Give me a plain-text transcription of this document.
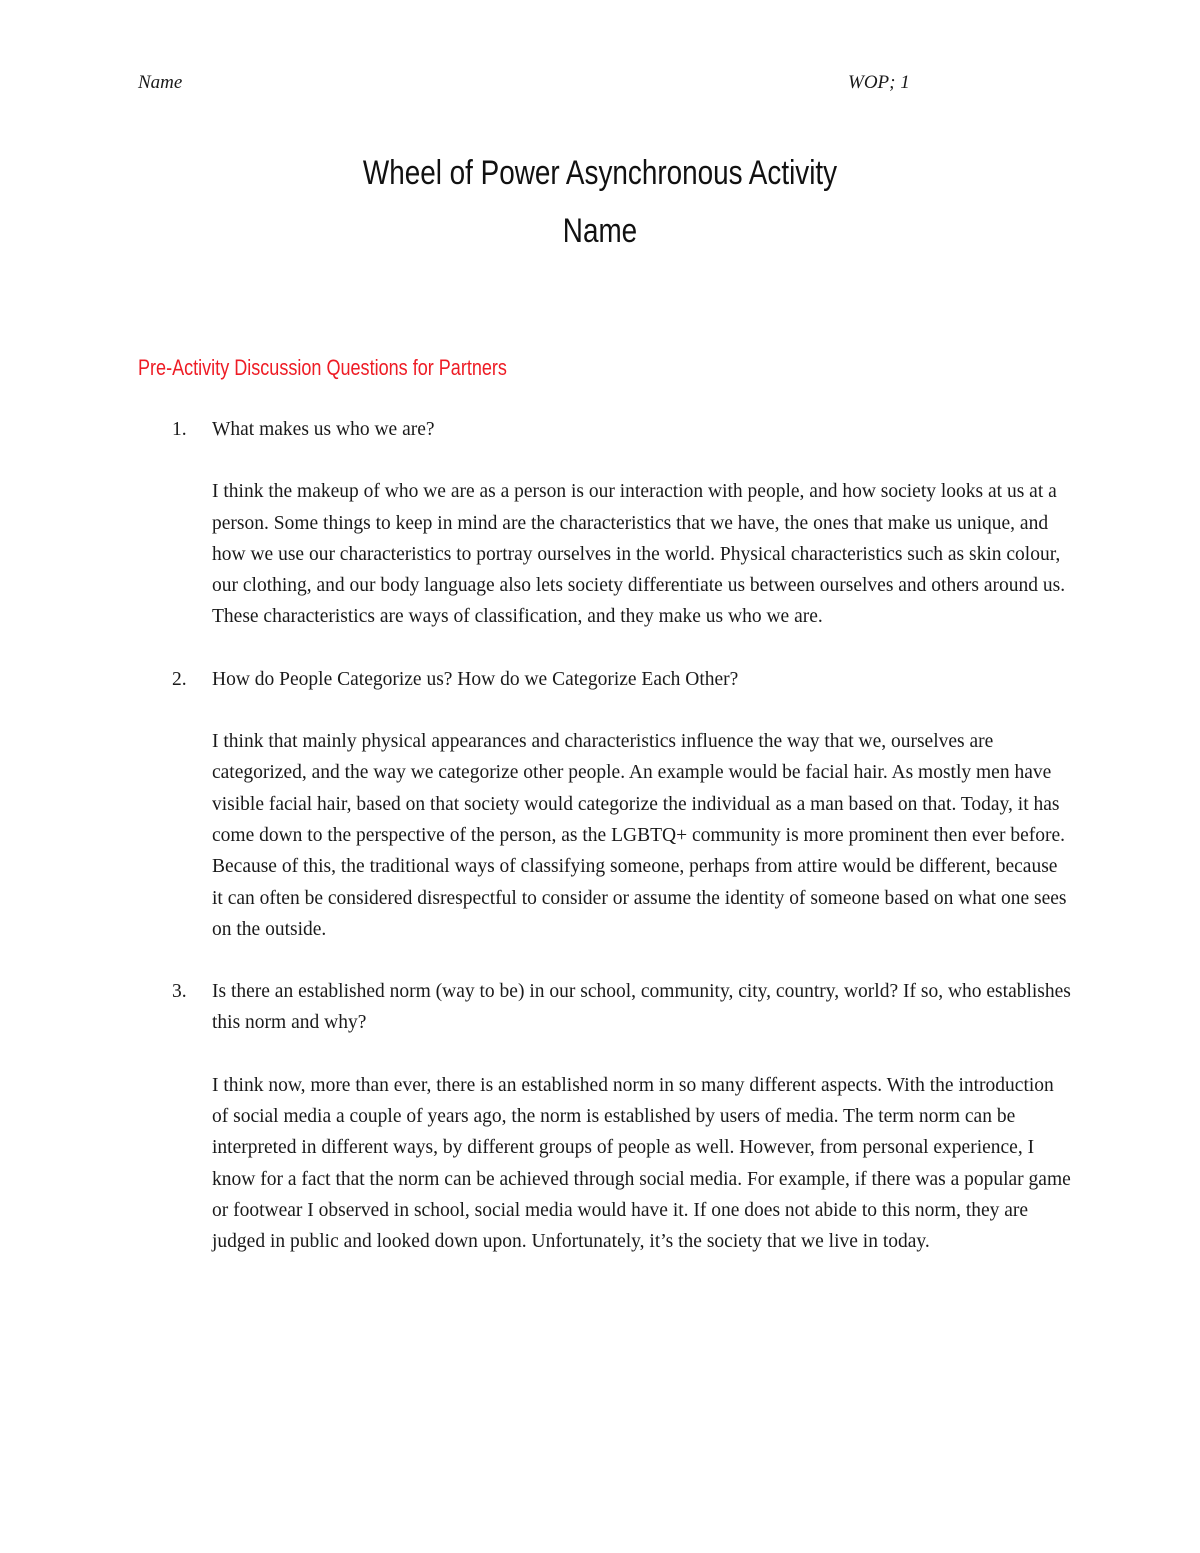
Name	WOP; 1
Wheel of Power Asynchronous Activity
Name
Pre-Activity Discussion Questions for Partners
1. What makes us who we are?

I think the makeup of who we are as a person is our interaction with people, and how society looks at us at a person. Some things to keep in mind are the characteristics that we have, the ones that make us unique, and how we use our characteristics to portray ourselves in the world. Physical characteristics such as skin colour, our clothing, and our body language also lets society differentiate us between ourselves and others around us. These characteristics are ways of classification, and they make us who we are.

2. How do People Categorize us? How do we Categorize Each Other?

I think that mainly physical appearances and characteristics influence the way that we, ourselves are categorized, and the way we categorize other people. An example would be facial hair. As mostly men have visible facial hair, based on that society would categorize the individual as a man based on that. Today, it has come down to the perspective of the person, as the LGBTQ+ community is more prominent then ever before. Because of this, the traditional ways of classifying someone, perhaps from attire would be different, because it can often be considered disrespectful to consider or assume the identity of someone based on what one sees on the outside.

3. Is there an established norm (way to be) in our school, community, city, country, world? If so, who establishes this norm and why?

I think now, more than ever, there is an established norm in so many different aspects. With the introduction of social media a couple of years ago, the norm is established by users of media. The term norm can be interpreted in different ways, by different groups of people as well. However, from personal experience, I know for a fact that the norm can be achieved through social media. For example, if there was a popular game or footwear I observed in school, social media would have it. If one does not abide to this norm, they are judged in public and looked down upon. Unfortunately, it’s the society that we live in today.
